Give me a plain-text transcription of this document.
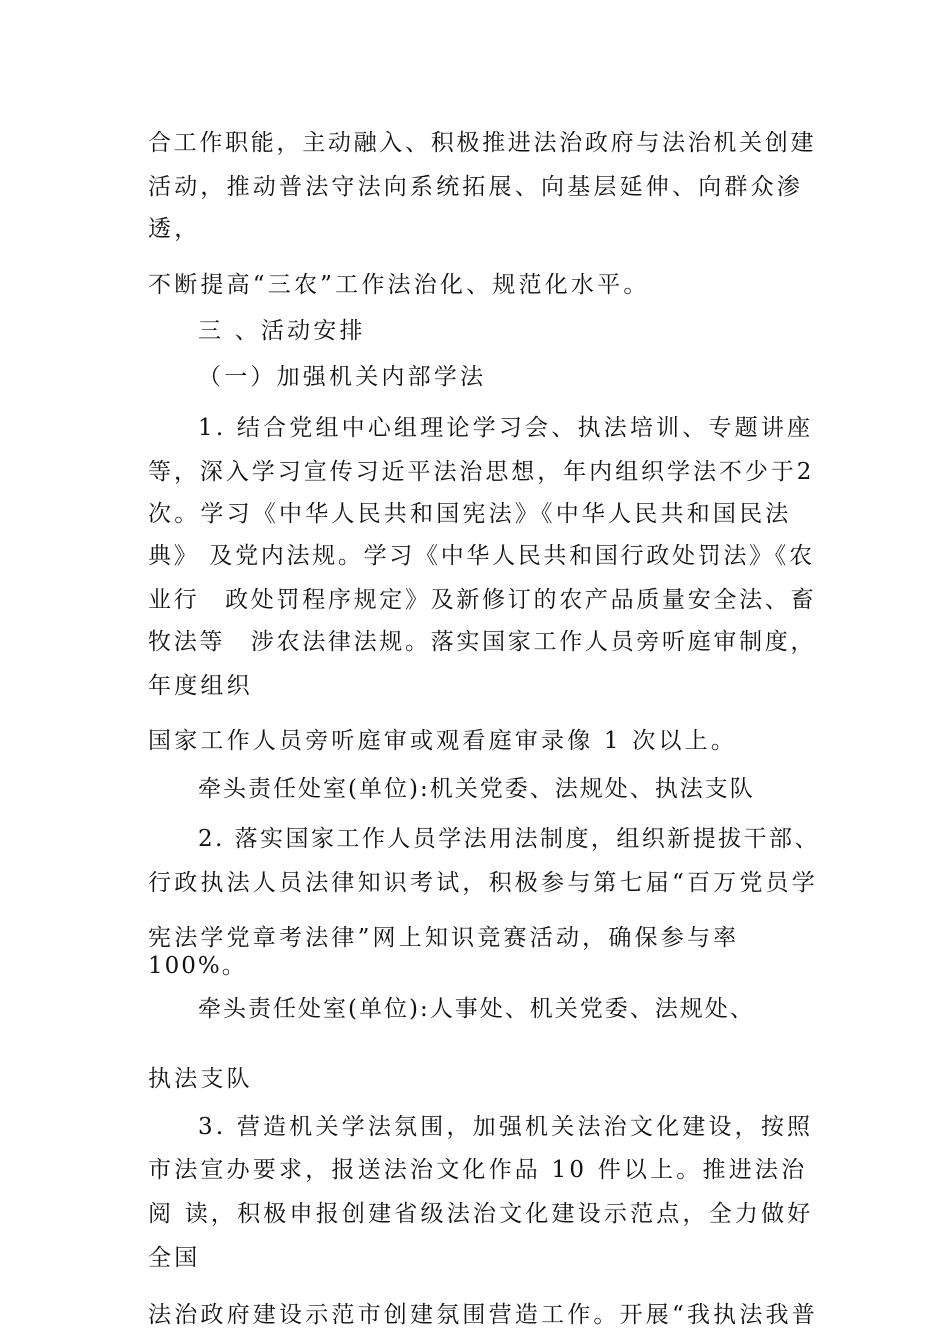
合工作职能，主动融入、积极推进法治政府与法治机关创建

活动，推动普法守法向系统拓展、向基层延伸、向群众渗

透，

不断提高“三农”工作法治化、规范化水平。

三 、活动安排

（一）加强机关内部学法

1. 结合党组中心组理论学习会、执法培训、专题讲座

等，深入学习宣传习近平法治思想，年内组织学法不少于2

次。学习《中华人民共和国宪法》《中华人民共和国民法

典》 及党内法规。学习《中华人民共和国行政处罚法》《农

业行　政处罚程序规定》及新修订的农产品质量安全法、畜

牧法等　涉农法律法规。落实国家工作人员旁听庭审制度，

年度组织

国家工作人员旁听庭审或观看庭审录像 1 次以上。

牵头责任处室(单位):机关党委、法规处、执法支队

2. 落实国家工作人员学法用法制度，组织新提拔干部、

行政执法人员法律知识考试，积极参与第七届“百万党员学

宪法学党章考法律”网上知识竞赛活动，确保参与率

100%。

牵头责任处室(单位):人事处、机关党委、法规处、

执法支队

3. 营造机关学法氛围，加强机关法治文化建设，按照

市法宣办要求，报送法治文化作品 10 件以上。推进法治

阅 读，积极申报创建省级法治文化建设示范点，全力做好

全国

法治政府建设示范市创建氛围营造工作。开展“我执法我普
